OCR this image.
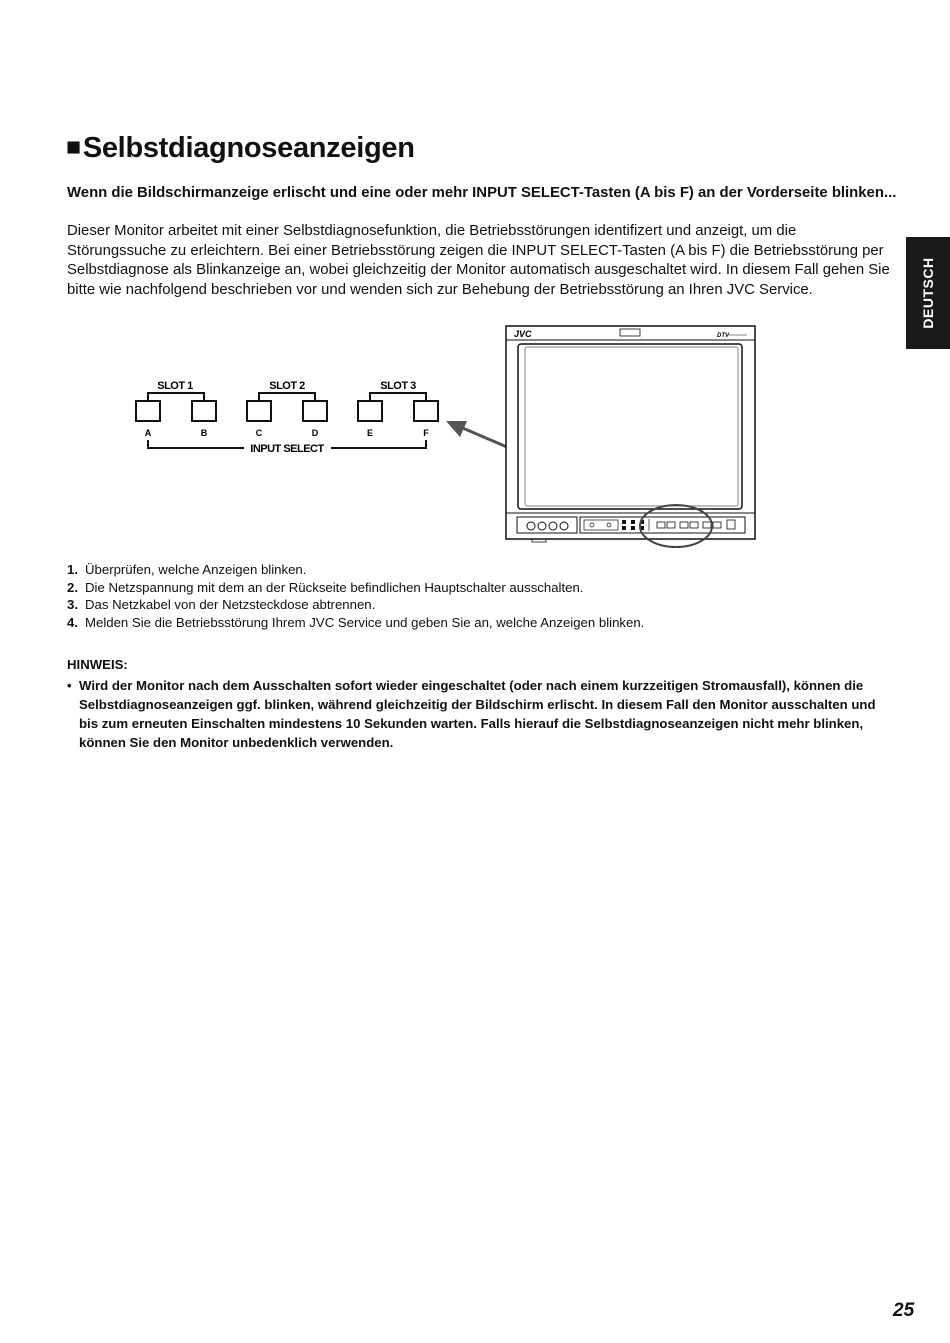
■Selbstdiagnoseanzeigen
Wenn die Bildschirmanzeige erlischt und eine oder mehr INPUT SELECT-Tasten (A bis F) an der Vorderseite blinken...
Dieser Monitor arbeitet mit einer Selbstdiagnosefunktion, die Betriebsstörungen identifizert und anzeigt, um die Störungssuche zu erleichtern. Bei einer Betriebsstörung zeigen die INPUT SELECT-Tasten (A bis F) die Betriebsstörung per Selbstdiagnose als Blinkanzeige an, wobei gleichzeitig der Monitor automatisch ausgeschaltet wird. In diesem Fall gehen Sie bitte wie nachfolgend beschrieben vor und wenden sich zur Behebung der Betriebsstörung an Ihren JVC Service.
SLOT 1	SLOT 2	SLOT 3
A	B	C	D	E	F
INPUT SELECT
JVC	DTV
1. Überprüfen, welche Anzeigen blinken.
2. Die Netzspannung mit dem an der Rückseite befindlichen Hauptschalter ausschalten.
3. Das Netzkabel von der Netzsteckdose abtrennen.
4. Melden Sie die Betriebsstörung Ihrem JVC Service und geben Sie an, welche Anzeigen blinken.
HINWEIS:
• Wird der Monitor nach dem Ausschalten sofort wieder eingeschaltet (oder nach einem kurzzeitigen Stromausfall), können die Selbstdiagnoseanzeigen ggf. blinken, während gleichzeitig der Bildschirm erlischt. In diesem Fall den Monitor ausschalten und bis zum erneuten Einschalten mindestens 10 Sekunden warten. Falls hierauf die Selbstdiagnoseanzeigen nicht mehr blinken, können Sie den Monitor unbedenklich verwenden.
DEUTSCH
25
